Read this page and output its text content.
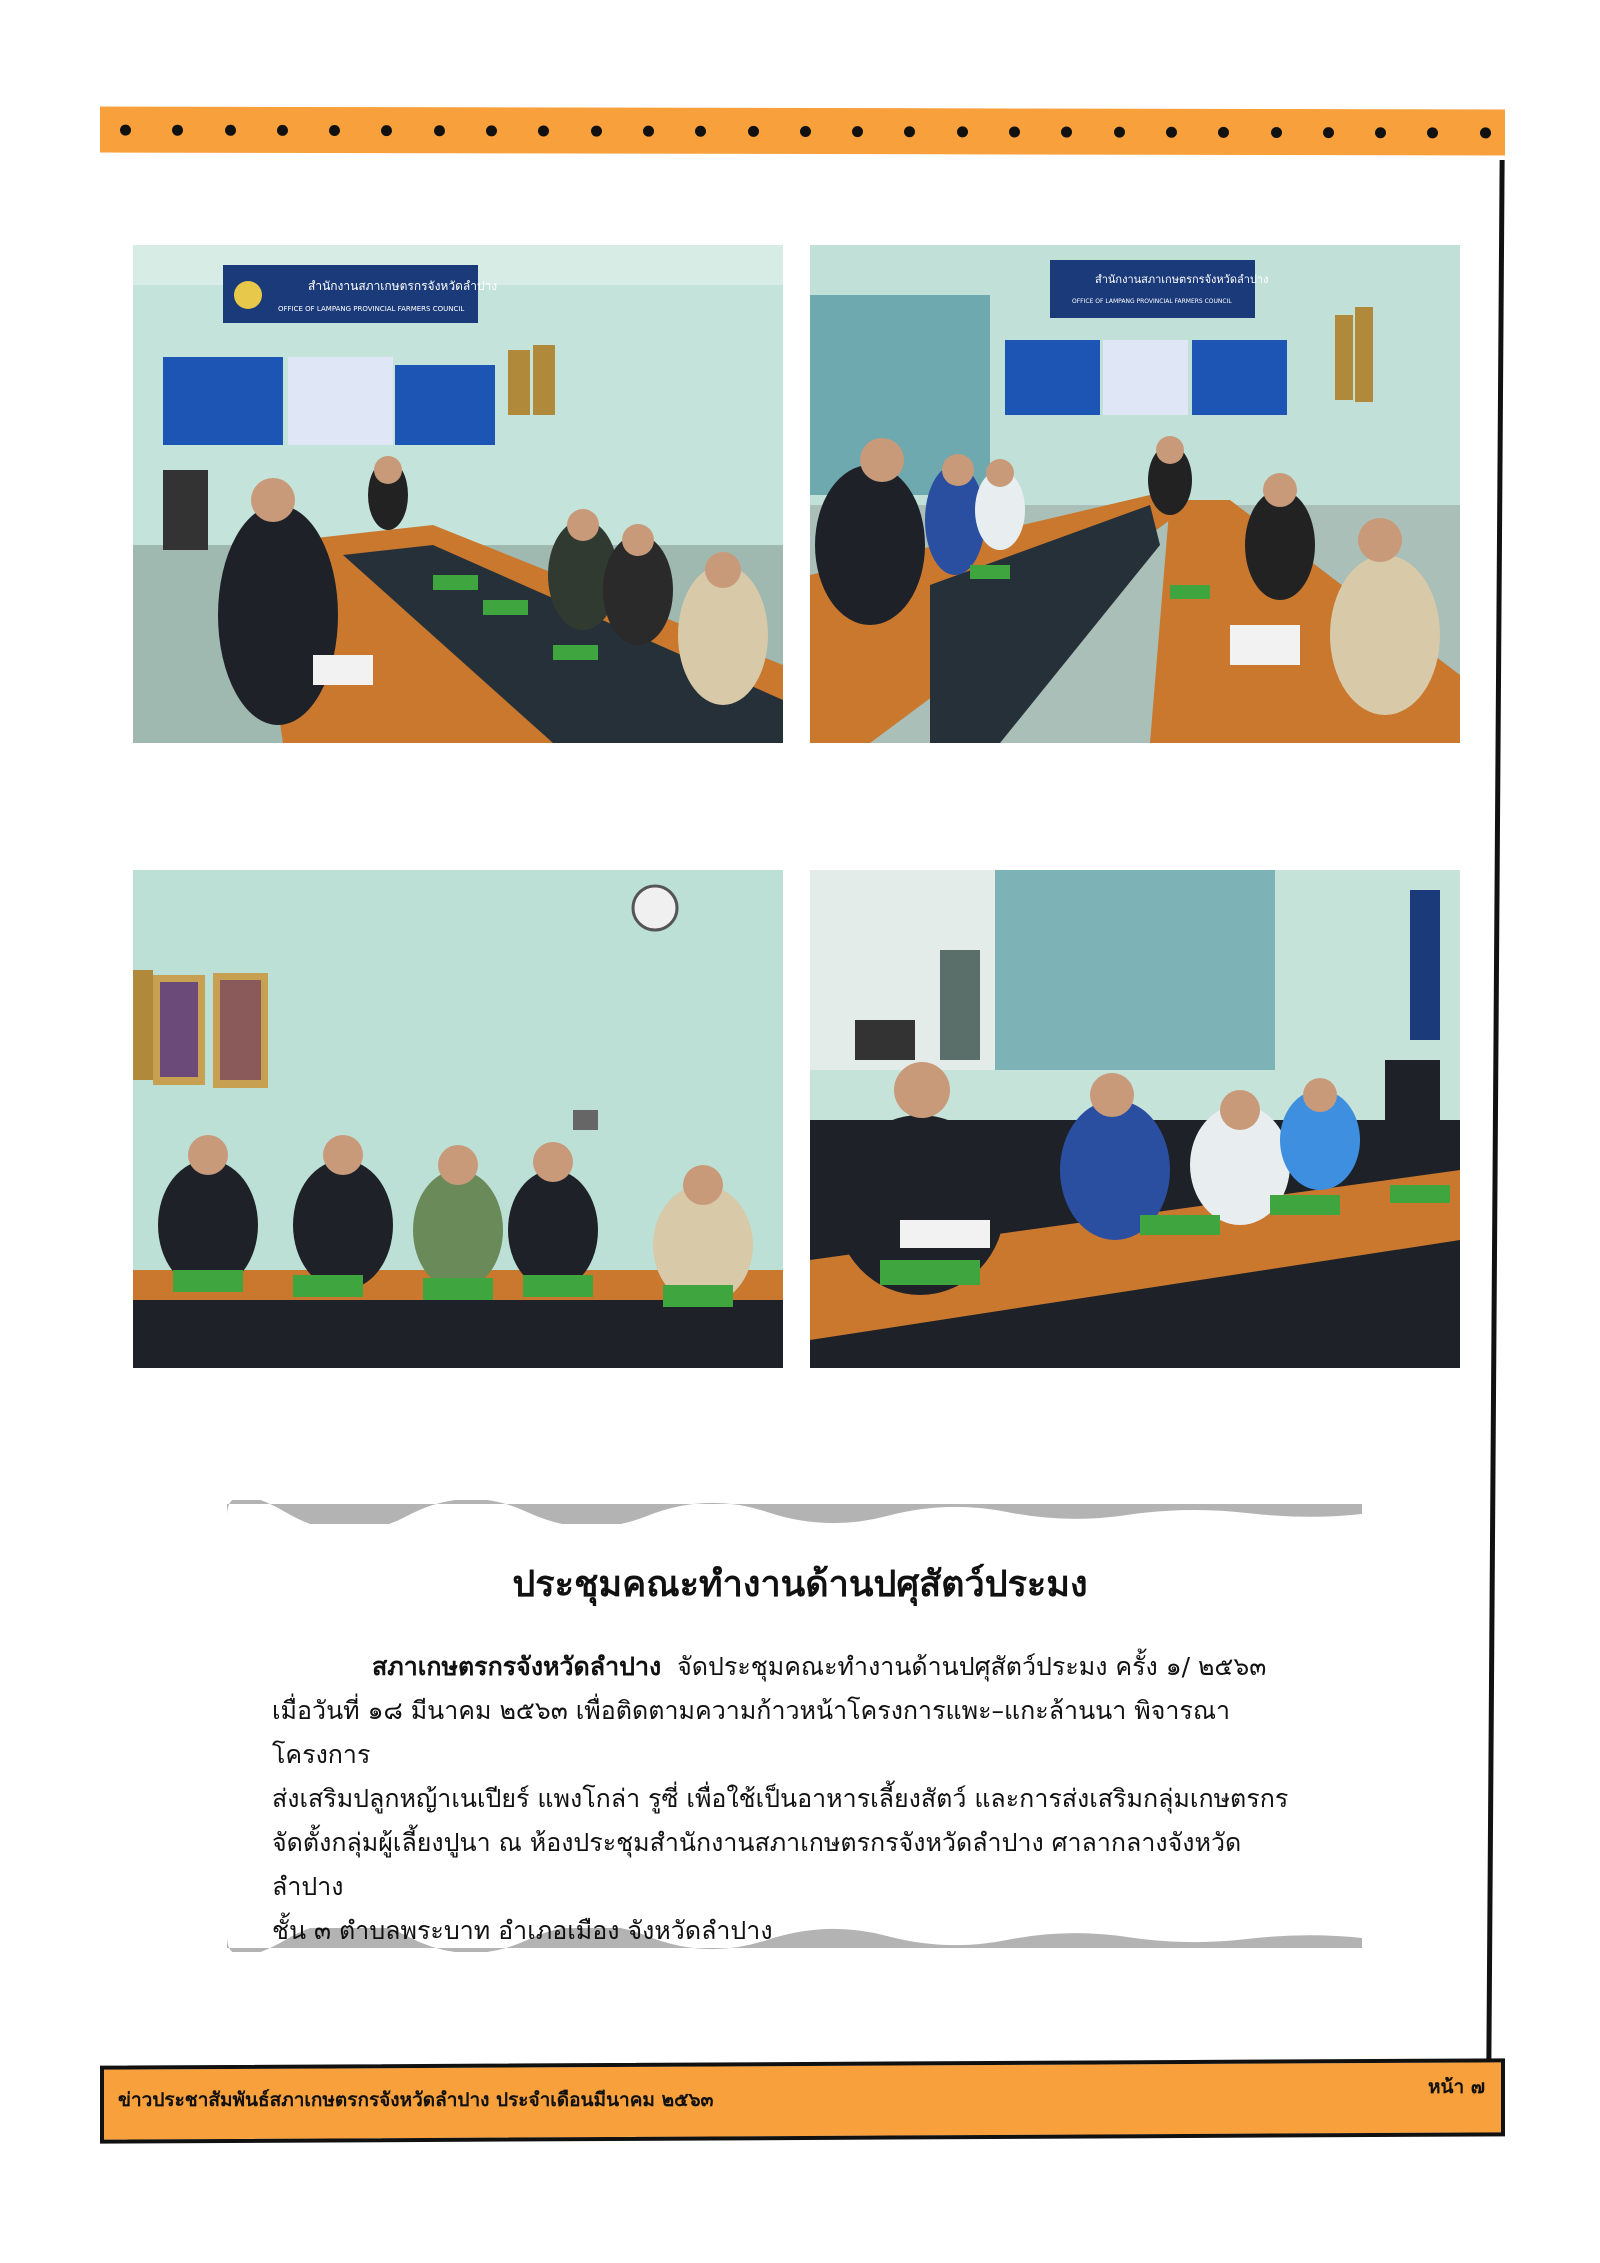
สำนักงานสภาเกษตรกรจังหวัดลำปาง
OFFICE OF LAMPANG PROVINCIAL FARMERS COUNCIL
สำนักงานสภาเกษตรกรจังหวัดลำปาง
OFFICE OF LAMPANG PROVINCIAL FARMERS COUNCIL
ประชุมคณะทำงานด้านปศุสัตว์ประมง

สภาเกษตรกรจังหวัดลำปาง จัดประชุมคณะทำงานด้านปศุสัตว์ประมง ครั้ง ๑/ ๒๕๖๓

เมื่อวันที่ ๑๘ มีนาคม ๒๕๖๓ เพื่อติดตามความก้าวหน้าโครงการแพะ–แกะล้านนา พิจารณาโครงการ

ส่งเสริมปลูกหญ้าเนเปียร์ แพงโกล่า รูซี่ เพื่อใช้เป็นอาหารเลี้ยงสัตว์ และการส่งเสริมกลุ่มเกษตรกร

จัดตั้งกลุ่มผู้เลี้ยงปูนา ณ ห้องประชุมสำนักงานสภาเกษตรกรจังหวัดลำปาง ศาลากลางจังหวัดลำปาง

ชั้น ๓ ตำบลพระบาท อำเภอเมือง จังหวัดลำปาง

ข่าวประชาสัมพันธ์สภาเกษตรกรจังหวัดลำปาง ประจำเดือนมีนาคม ๒๕๖๓
หน้า ๗
